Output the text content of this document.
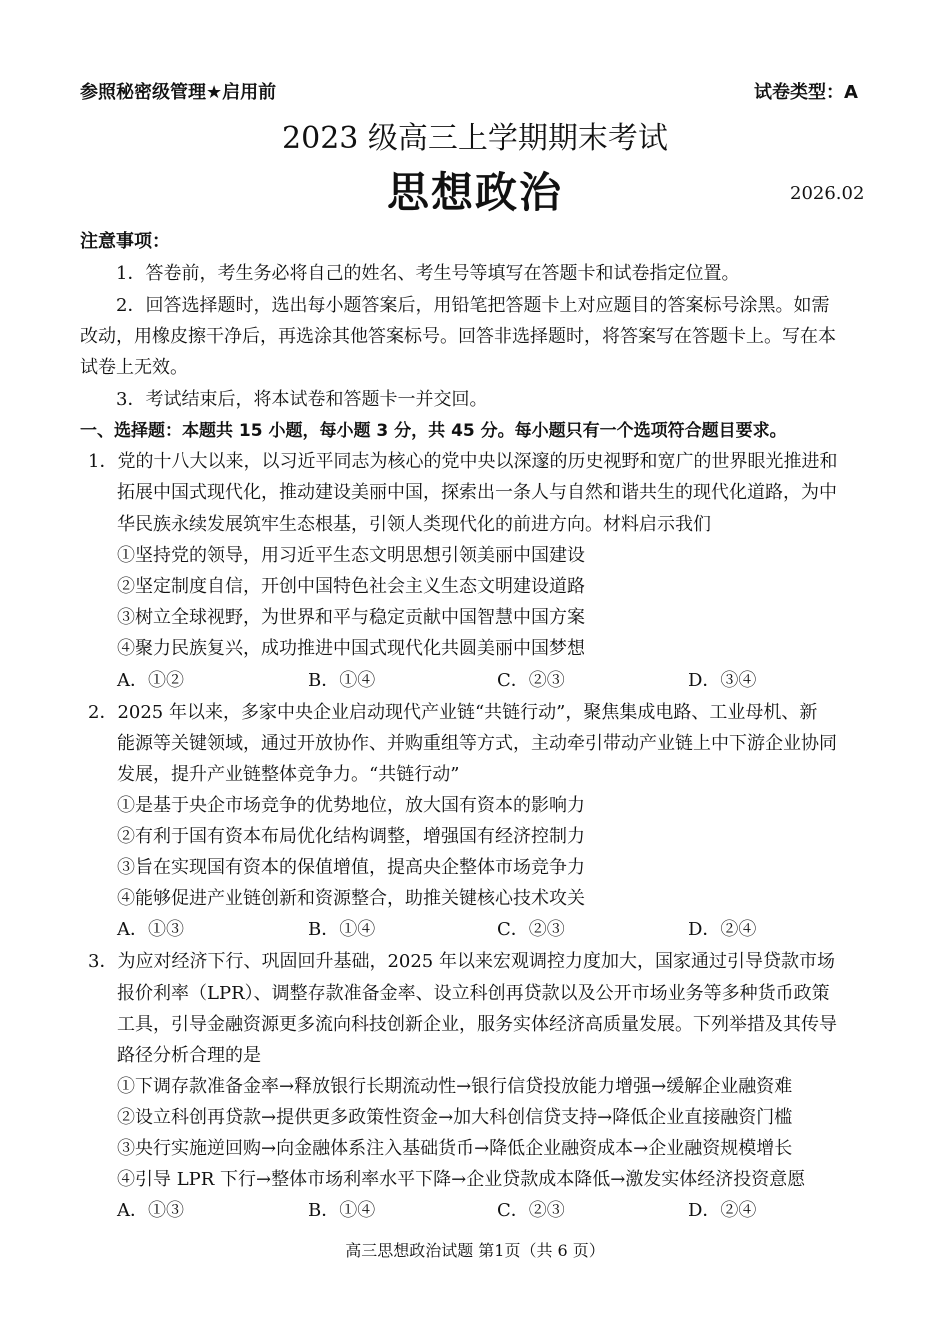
参照秘密级管理★启用前	试卷类型：A
2023 级高三上学期期末考试
思想政治	2026.02
注意事项：
1．答卷前，考生务必将自己的姓名、考生号等填写在答题卡和试卷指定位置。
2．回答选择题时，选出每小题答案后，用铅笔把答题卡上对应题目的答案标号涂黑。如需
改动，用橡皮擦干净后，再选涂其他答案标号。回答非选择题时，将答案写在答题卡上。写在本
试卷上无效。
3．考试结束后，将本试卷和答题卡一并交回。
一、选择题：本题共 15 小题，每小题 3 分，共 45 分。每小题只有一个选项符合题目要求。
1．党的十八大以来，以习近平同志为核心的党中央以深邃的历史视野和宽广的世界眼光推进和
拓展中国式现代化，推动建设美丽中国，探索出一条人与自然和谐共生的现代化道路，为中
华民族永续发展筑牢生态根基，引领人类现代化的前进方向。材料启示我们
①坚持党的领导，用习近平生态文明思想引领美丽中国建设
②坚定制度自信，开创中国特色社会主义生态文明建设道路
③树立全球视野，为世界和平与稳定贡献中国智慧中国方案
④聚力民族复兴，成功推进中国式现代化共圆美丽中国梦想
A．①②	B．①④	C．②③	D．③④
2．2025 年以来，多家中央企业启动现代产业链“共链行动”，聚焦集成电路、工业母机、新
能源等关键领域，通过开放协作、并购重组等方式，主动牵引带动产业链上中下游企业协同
发展，提升产业链整体竞争力。“共链行动”
①是基于央企市场竞争的优势地位，放大国有资本的影响力
②有利于国有资本布局优化结构调整，增强国有经济控制力
③旨在实现国有资本的保值增值，提高央企整体市场竞争力
④能够促进产业链创新和资源整合，助推关键核心技术攻关
A．①③	B．①④	C．②③	D．②④
3．为应对经济下行、巩固回升基础，2025 年以来宏观调控力度加大，国家通过引导贷款市场
报价利率（LPR）、调整存款准备金率、设立科创再贷款以及公开市场业务等多种货币政策
工具，引导金融资源更多流向科技创新企业，服务实体经济高质量发展。下列举措及其传导
路径分析合理的是
①下调存款准备金率→释放银行长期流动性→银行信贷投放能力增强→缓解企业融资难
②设立科创再贷款→提供更多政策性资金→加大科创信贷支持→降低企业直接融资门槛
③央行实施逆回购→向金融体系注入基础货币→降低企业融资成本→企业融资规模增长
④引导 LPR 下行→整体市场利率水平下降→企业贷款成本降低→激发实体经济投资意愿
A．①③	B．①④	C．②③	D．②④
高三思想政治试题 第1页（共 6 页）
